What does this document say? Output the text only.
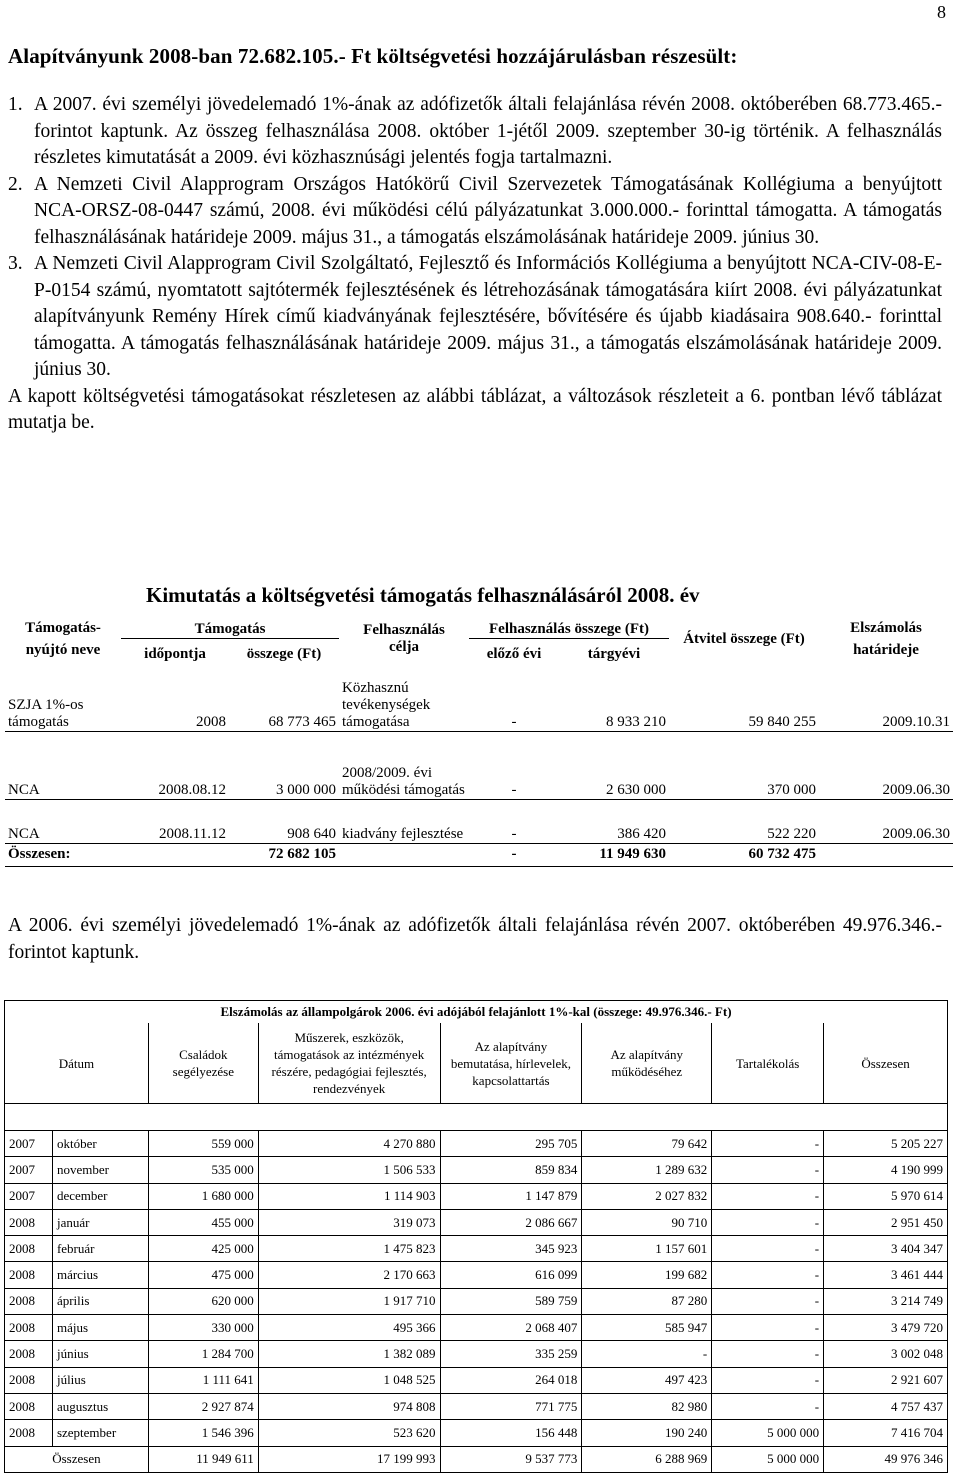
8
Alapítványunk 2008-ban 72.682.105.- Ft költségvetési hozzájárulásban részesült:
1. A 2007. évi személyi jövedelemadó 1%-ának az adófizetők általi felajánlása révén 2008. októberében 68.773.465.- forintot kaptunk. Az összeg felhasználása 2008. október 1-jétől 2009. szeptember 30-ig történik. A felhasználás részletes kimutatását a 2009. évi közhasznúsági jelentés fogja tartalmazni.
2. A Nemzeti Civil Alapprogram Országos Hatókörű Civil Szervezetek Támogatásának Kollégiuma a benyújtott NCA-ORSZ-08-0447 számú, 2008. évi működési célú pályázatunkat 3.000.000.- forinttal támogatta. A támogatás felhasználásának határideje 2009. május 31., a támogatás elszámolásának határideje 2009. június 30.
3. A Nemzeti Civil Alapprogram Civil Szolgáltató, Fejlesztő és Információs Kollégiuma a benyújtott NCA-CIV-08-E-P-0154 számú, nyomtatott sajtótermék fejlesztésének és létrehozásának támogatására kiírt 2008. évi pályázatunkat alapítványunk Remény Hírek című kiadványának fejlesztésére, bővítésére és újabb kiadásaira 908.640.- forinttal támogatta. A támogatás felhasználásának határideje 2009. május 31., a támogatás elszámolásának határideje 2009. június 30.
A kapott költségvetési támogatásokat részletesen az alábbi táblázat, a változások részleteit a 6. pontban lévő táblázat mutatja be.
Kimutatás a költségvetési támogatás felhasználásáról 2008. év
Támogatás-nyújtó neve	Támogatás		Felhasználás	Felhasználás összege (Ft)		Átvitel összege (Ft)	Elszámolás határideje
	időpontja	összege (Ft)	célja	előző évi	tárgyévi		
SZJA 1%-os támogatás	2008	68 773 465	Közhasznú tevékenységek támogatása	-	8 933 210	59 840 255	2009.10.31
NCA	2008.08.12	3 000 000	2008/2009. évi működési támogatás	-	2 630 000	370 000	2009.06.30
NCA	2008.11.12	908 640	kiadvány fejlesztése	-	386 420	522 220	2009.06.30
Összesen:		72 682 105		-	11 949 630	60 732 475	
A 2006. évi személyi jövedelemadó 1%-ának az adófizetők általi felajánlása révén 2007. októberében 49.976.346.- forintot kaptunk.
Elszámolás az állampolgárok 2006. évi adójából felajánlott 1%-kal (összege: 49.976.346.- Ft)							
Dátum		Családok segélyezése	Műszerek, eszközök, támogatások az intézmények részére, pedagógiai fejlesztés, rendezvények	Az alapítvány bemutatása, hírlevelek, kapcsolattartás	Az alapítvány működéséhez	Tartalékolás	Összesen

2007	október	559 000	4 270 880	295 705	79 642	-	5 205 227
2007	november	535 000	1 506 533	859 834	1 289 632	-	4 190 999
2007	december	1 680 000	1 114 903	1 147 879	2 027 832	-	5 970 614
2008	január	455 000	319 073	2 086 667	90 710	-	2 951 450
2008	február	425 000	1 475 823	345 923	1 157 601	-	3 404 347
2008	március	475 000	2 170 663	616 099	199 682	-	3 461 444
2008	április	620 000	1 917 710	589 759	87 280	-	3 214 749
2008	május	330 000	495 366	2 068 407	585 947	-	3 479 720
2008	június	1 284 700	1 382 089	335 259	-	-	3 002 048
2008	július	1 111 641	1 048 525	264 018	497 423	-	2 921 607
2008	augusztus	2 927 874	974 808	771 775	82 980	-	4 757 437
2008	szeptember	1 546 396	523 620	156 448	190 240	5 000 000	7 416 704
Összesen		11 949 611	17 199 993	9 537 773	6 288 969	5 000 000	49 976 346
